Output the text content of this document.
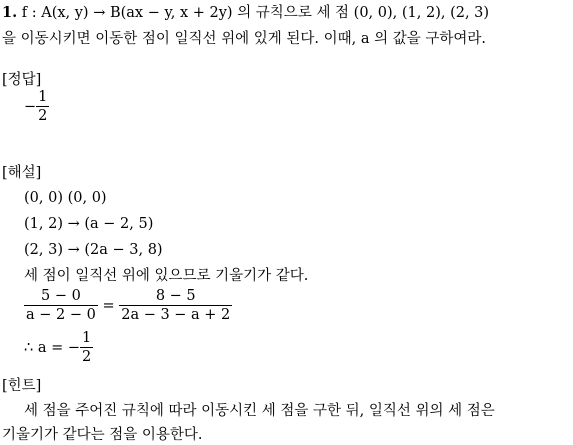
1. f : A(x, y) → B(ax − y, x + 2y) 의 규칙으로 세 점 (0, 0), (1, 2), (2, 3)
을 이동시키면 이동한 점이 일직선 위에 있게 된다. 이때, a 의 값을 구하여라.
[정답]
− $\frac{1}{2}$
[해설]
(0, 0) (0, 0)
(1, 2) → (a − 2, 5)
(2, 3) → (2a − 3, 8)
세 점이 일직선 위에 있으므로 기울기가 같다.
$\frac{5 - 0}{a - 2 - 0} = \frac{8 - 5}{2a - 3 - a + 2}$
∴ a = − $\frac{1}{2}$
[힌트]
세 점을 주어진 규칙에 따라 이동시킨 세 점을 구한 뒤, 일직선 위의 세 점은
기울기가 같다는 점을 이용한다.
